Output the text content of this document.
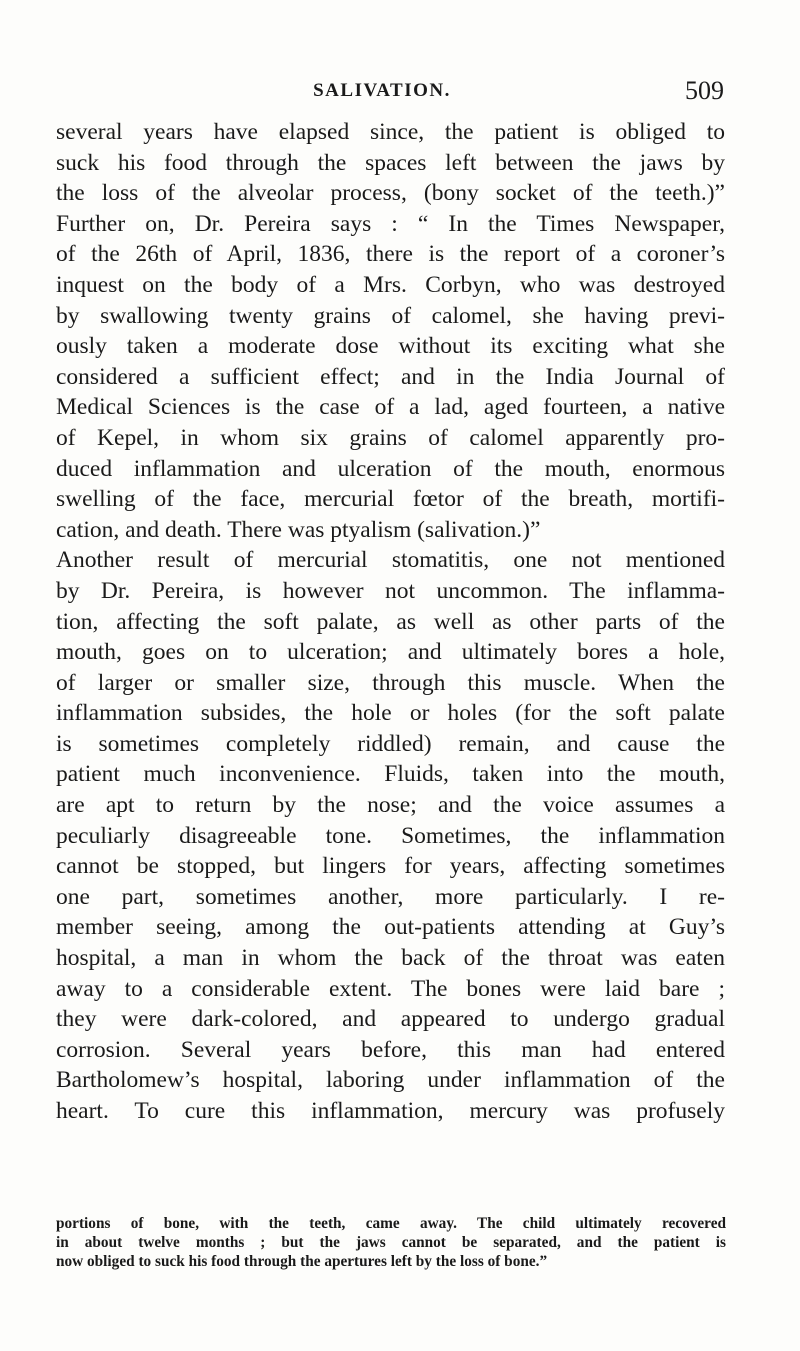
SALIVATION.	509
several years have elapsed since, the patient is obliged to
suck his food through the spaces left between the jaws by
the loss of the alveolar process, (bony socket of the teeth.)”
Further on, Dr. Pereira says : “ In the Times Newspaper,
of the 26th of April, 1836, there is the report of a coroner’s
inquest on the body of a Mrs. Corbyn, who was destroyed
by swallowing twenty grains of calomel, she having previ-
ously taken a moderate dose without its exciting what she
considered a sufficient effect; and in the India Journal of
Medical Sciences is the case of a lad, aged fourteen, a native
of Kepel, in whom six grains of calomel apparently pro-
duced inflammation and ulceration of the mouth, enormous
swelling of the face, mercurial fœtor of the breath, mortifi-
cation, and death. There was ptyalism (salivation.)”
Another result of mercurial stomatitis, one not mentioned
by Dr. Pereira, is however not uncommon. The inflamma-
tion, affecting the soft palate, as well as other parts of the
mouth, goes on to ulceration; and ultimately bores a hole,
of larger or smaller size, through this muscle. When the
inflammation subsides, the hole or holes (for the soft palate
is sometimes completely riddled) remain, and cause the
patient much inconvenience. Fluids, taken into the mouth,
are apt to return by the nose; and the voice assumes a
peculiarly disagreeable tone. Sometimes, the inflammation
cannot be stopped, but lingers for years, affecting sometimes
one part, sometimes another, more particularly. I re-
member seeing, among the out-patients attending at Guy’s
hospital, a man in whom the back of the throat was eaten
away to a considerable extent. The bones were laid bare ;
they were dark-colored, and appeared to undergo gradual
corrosion. Several years before, this man had entered
Bartholomew’s hospital, laboring under inflammation of the
heart. To cure this inflammation, mercury was profusely
portions of bone, with the teeth, came away. The child ultimately recovered
in about twelve months ; but the jaws cannot be separated, and the patient is
now obliged to suck his food through the apertures left by the loss of bone.”
